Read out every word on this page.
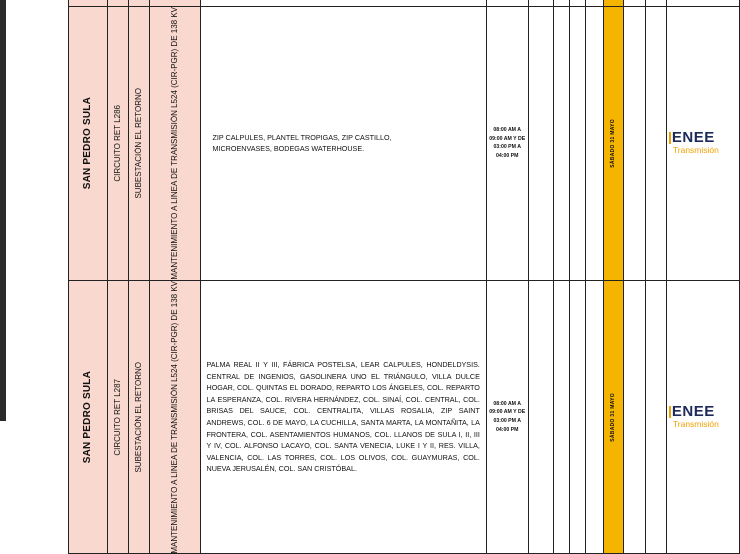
SAN PEDRO SULA	CIRCUITO RET L286	SUBESTACIÓN EL RETORNO	MANTENIMIENTO A LINEA DE TRANSMISIÓN L524 (CIR-PGR) DE 138 KV	ZIP CALPULES, PLANTEL TROPIGAS, ZIP CASTILLO, MICROENVASES, BODEGAS WATERHOUSE.	08:00 AM A 09:00 AM Y DE 03:00 PM A 04:00 PM					SÁBADO 31 MAYO			ENEE
Transmisión

SAN PEDRO SULA	CIRCUITO RET L287	SUBESTACIÓN EL RETORNO	MANTENIMIENTO A LINEA DE TRANSMISIÓN L524 (CIR-PGR) DE 138 KV	PALMA REAL II Y III, FÁBRICA POSTELSA, LEAR CALPULES, HONDELDYSIS. CENTRAL DE INGENIOS, GASOLINERA UNO EL TRIÁNGULO, VILLA DULCE HOGAR, COL. QUINTAS EL DORADO, REPARTO LOS ÁNGELES, COL. REPARTO LA ESPERANZA, COL. RIVERA HERNÁNDEZ, COL. SINAÍ, COL. CENTRAL, COL. BRISAS DEL SAUCE, COL. CENTRALITA, VILLAS ROSALIA, ZIP SAINT ANDREWS, COL. 6 DE MAYO, LA CUCHILLA, SANTA MARTA, LA MONTAÑITA, LA FRONTERA, COL. ASENTAMIENTOS HUMANOS, COL. LLANOS DE SULA I, II, III Y IV, COL. ALFONSO LACAYO, COL. SANTA VENECIA, LUKE I Y II, RES. VILLA, VALENCIA, COL. LAS TORRES, COL. LOS OLIVOS, COL. GUAYMURAS, COL. NUEVA JERUSALÉN, COL. SAN CRISTÓBAL.	08:00 AM A 09:00 AM Y DE 03:00 PM A 04:00 PM					SÁBADO 31 MAYO			ENEE
Transmisión
